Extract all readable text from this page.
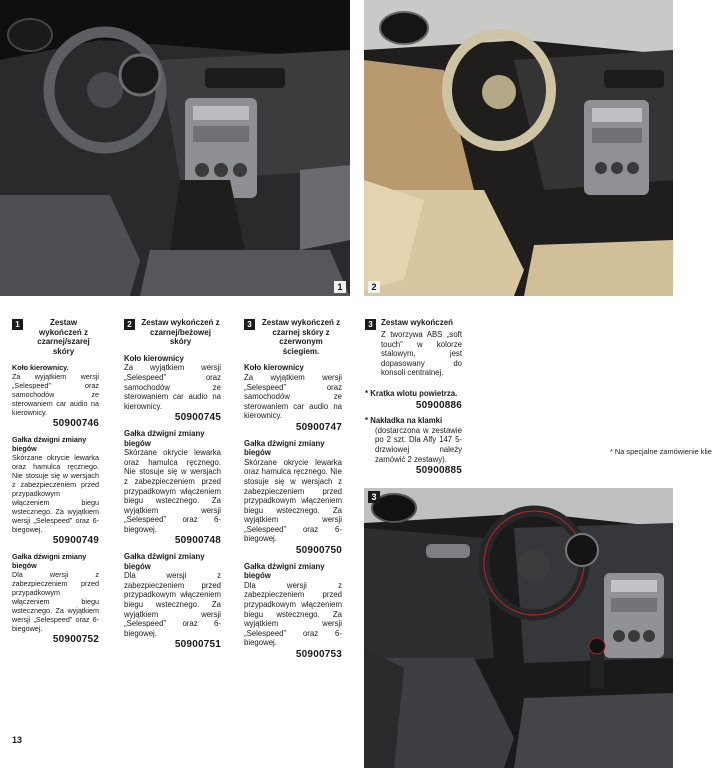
1	2
3
1	Zestaw wykończeń z czarnej/szarej skóry
Koło kierownicy.
Za wyjątkiem wersji „Selespeed” oraz samochodów ze sterowaniem car audio na kierownicy.
50900746
Gałka dźwigni zmiany biegów
Skórzane okrycie lewarka oraz hamulca ręcznego. Nie stosuje się w wersjach z zabezpieczeniem przed przypadkowym włączeniem biegu wstecznego. Za wyjątkiem wersji „Selespeed” oraz 6-biegowej.
50900749
Gałka dźwigni zmiany biegów
Dla wersji z zabezpieczeniem przed przypadkowym włączeniem biegu wstecznego. Za wyjątkiem wersji „Selespeed” oraz 6-biegowej.
50900752
2	Zestaw wykończeń z czarnej/beżowej skóry
Koło kierownicy
Za wyjątkiem wersji „Selespeed” oraz samochodów ze sterowaniem car audio na kierownicy.
50900745
Gałka dźwigni zmiany biegów
Skórzane okrycie lewarka oraz hamulca ręcznego. Nie stosuje się w wersjach z zabezpieczeniem przed przypadkowym włączeniem biegu wstecznego. Za wyjątkiem wersji „Selespeed” oraz 6-biegowej.
50900748
Gałka dźwigni zmiany biegów
Dla wersji z zabezpieczeniem przed przypadkowym włączeniem biegu wstecznego. Za wyjątkiem wersji „Selespeed” oraz 6-biegowej.
50900751
3	Zestaw wykończeń z czarnej skóry z czerwonym ściegiem.
Koło kierownicy
Za wyjątkiem wersji „Selespeed” oraz samochodów ze sterowaniem car audio na kierownicy.
50900747
Gałka dźwigni zmiany biegów
Skórzane okrycie lewarka oraz hamulca ręcznego. Nie stosuje się w wersjach z zabezpieczeniem przed przypadkowym włączeniem biegu wstecznego. Za wyjątkiem wersji „Selespeed” oraz 6-biegowej.
50900750
Gałka dźwigni zmiany biegów
Dla wersji z zabezpieczeniem przed przypadkowym włączeniem biegu wstecznego. Za wyjątkiem wersji „Selespeed” oraz 6-biegowej.
50900753
3	Zestaw wykończeń
Z tworzywa ABS „soft touch” w kolorze stalowym, jest dopasowany do konsoli centralnej.
* Kratka wlotu powietrza.
50900886
* Nakładka na klamki
(dostarczona w zestawie po 2 szt. Dla Alfy 147 5-drzwiowej należy zamówić 2 zestawy).
50900885
* Na specjalne zamówienie klie
13
